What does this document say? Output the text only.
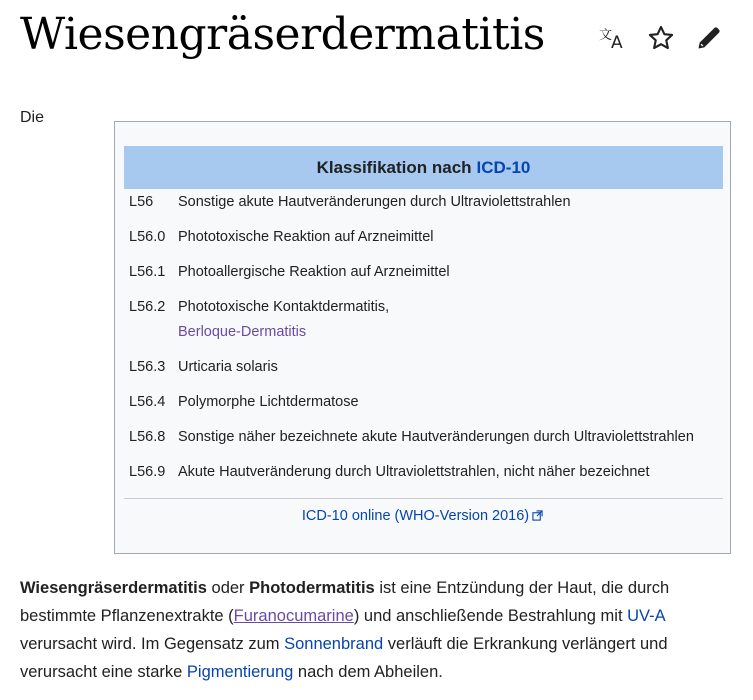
Wiesengräserdermatitis	文
A
Die
Klassifikation nach ICD-10
L56	Sonstige akute Hautveränderungen durch Ultraviolettstrahlen
L56.0 Phototoxische Reaktion auf Arzneimittel
L56.1 Photoallergische Reaktion auf Arzneimittel
L56.2 Phototoxische Kontaktdermatitis,
Berloque-Dermatitis
L56.3 Urticaria solaris
L56.4 Polymorphe Lichtdermatose
L56.8 Sonstige näher bezeichnete akute Hautveränderungen durch Ultraviolettstrahlen
L56.9 Akute Hautveränderung durch Ultraviolettstrahlen, nicht näher bezeichnet
ICD-10 online (WHO-Version 2016)

Wiesengräserdermatitis oder Photodermatitis ist eine Entzündung der Haut, die durch bestimmte Pflanzenextrakte (Furanocumarine) und anschließende Bestrahlung mit UV-A verursacht wird. Im Gegensatz zum Sonnenbrand verläuft die Erkrankung verlängert und verursacht eine starke Pigmentierung nach dem Abheilen.
